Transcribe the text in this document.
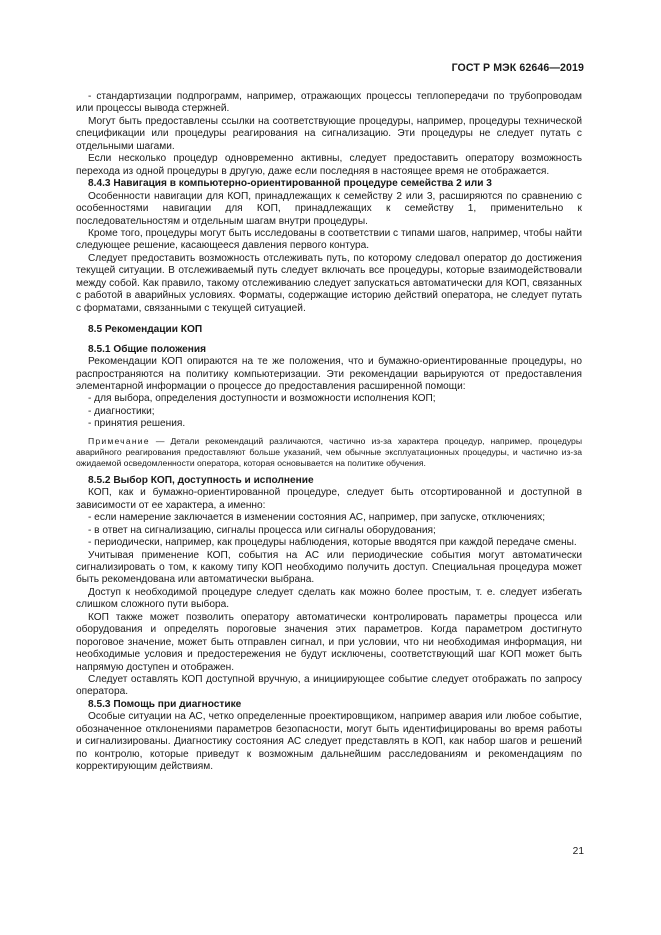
ГОСТ Р МЭК 62646—2019

- стандартизации подпрограмм, например, отражающих процессы теплопередачи по трубопроводам или процессы вывода стержней.

Могут быть предоставлены ссылки на соответствующие процедуры, например, процедуры технической спецификации или процедуры реагирования на сигнализацию. Эти процедуры не следует путать с отдельными шагами.

Если несколько процедур одновременно активны, следует предоставить оператору возможность перехода из одной процедуры в другую, даже если последняя в настоящее время не отображается.

8.4.3 Навигация в компьютерно-ориентированной процедуре семейства 2 или 3

Особенности навигации для КОП, принадлежащих к семейству 2 или 3, расширяются по сравнению с особенностями навигации для КОП, принадлежащих к семейству 1, применительно к последовательностям и отдельным шагам внутри процедуры.

Кроме того, процедуры могут быть исследованы в соответствии с типами шагов, например, чтобы найти следующее решение, касающееся давления первого контура.

Следует предоставить возможность отслеживать путь, по которому следовал оператор до достижения текущей ситуации. В отслеживаемый путь следует включать все процедуры, которые взаимодействовали между собой. Как правило, такому отслеживанию следует запускаться автоматически для КОП, связанных с работой в аварийных условиях. Форматы, содержащие историю действий оператора, не следует путать с форматами, связанными с текущей ситуацией.

8.5 Рекомендации КОП

8.5.1 Общие положения

Рекомендации КОП опираются на те же положения, что и бумажно-ориентированные процедуры, но распространяются на политику компьютеризации. Эти рекомендации варьируются от предоставления элементарной информации о процессе до предоставления расширенной помощи:

- для выбора, определения доступности и возможности исполнения КОП;

- диагностики;

- принятия решения.

Примечание — Детали рекомендаций различаются, частично из-за характера процедур, например, процедуры аварийного реагирования предоставляют больше указаний, чем обычные эксплуатационных процедуры, и частично из-за ожидаемой осведомленности оператора, которая основывается на политике обучения.

8.5.2 Выбор КОП, доступность и исполнение

КОП, как и бумажно-ориентированной процедуре, следует быть отсортированной и доступной в зависимости от ее характера, а именно:

- если намерение заключается в изменении состояния АС, например, при запуске, отключениях;

- в ответ на сигнализацию, сигналы процесса или сигналы оборудования;

- периодически, например, как процедуры наблюдения, которые вводятся при каждой передаче смены.

Учитывая применение КОП, события на АС или периодические события могут автоматически сигнализировать о том, к какому типу КОП необходимо получить доступ. Специальная процедура может быть рекомендована или автоматически выбрана.

Доступ к необходимой процедуре следует сделать как можно более простым, т. е. следует избегать слишком сложного пути выбора.

КОП также может позволить оператору автоматически контролировать параметры процесса или оборудования и определять пороговые значения этих параметров. Когда параметром достигнуто пороговое значение, может быть отправлен сигнал, и при условии, что ни необходимая информация, ни необходимые условия и предостережения не будут исключены, соответствующий шаг КОП может быть напрямую доступен и отображен.

Следует оставлять КОП доступной вручную, а инициирующее событие следует отображать по запросу оператора.

8.5.3 Помощь при диагностике

Особые ситуации на АС, четко определенные проектировщиком, например авария или любое событие, обозначенное отклонениями параметров безопасности, могут быть идентифицированы во время работы и сигнализированы. Диагностику состояния АС следует представлять в КОП, как набор шагов и решений по контролю, которые приведут к возможным дальнейшим расследованиям и рекомендациям по корректирующим действиям.

21
